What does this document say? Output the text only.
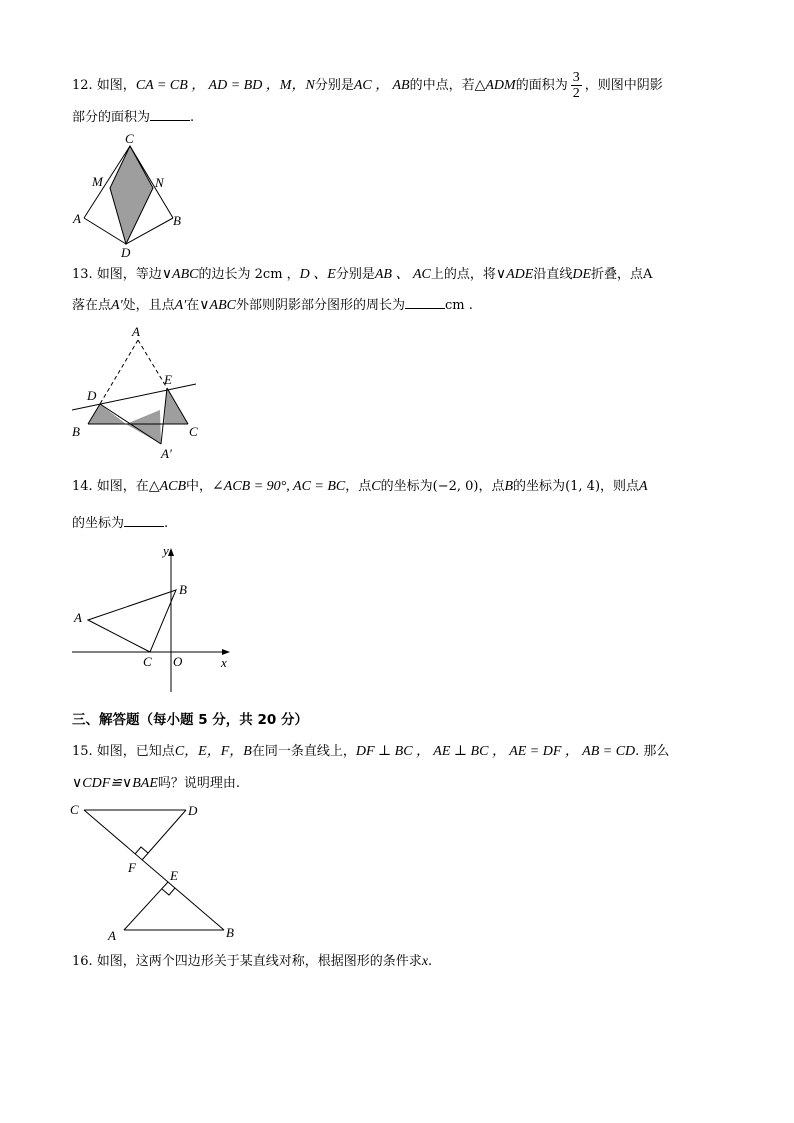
12. 如图，CA = CB ， AD = BD ，M，N分别是AC ， AB的中点，若△ADM的面积为 $\frac{3}{2}$ ，则图中阴影
部分的面积为	.
C
M	N
A	B
D
13. 如图，等边∨ABC的边长为 2cm ，D 、E分别是AB 、 AC上的点，将∨ADE沿直线DE折叠，点A
落在点A′处，且点A′在∨ABC外部则阴影部分图形的周长为	cm .
A
D
E
B	C
A′
14. 如图，在△ACB中，∠ACB = 90°, AC = BC，点C的坐标为(−2, 0)，点B的坐标为(1, 4)，则点A
的坐标为	.
y
x
B
A
C O
三、解答题（每小题 5 分，共 20 分）
15. 如图，已知点C，E，F，B在同一条直线上，DF ⊥ BC ， AE ⊥ BC ， AE = DF ， AB = CD. 那么
∨CDF≌∨BAE吗？说明理由.
C	D
F
E
A	B
16. 如图，这两个四边形关于某直线对称，根据图形的条件求x.
